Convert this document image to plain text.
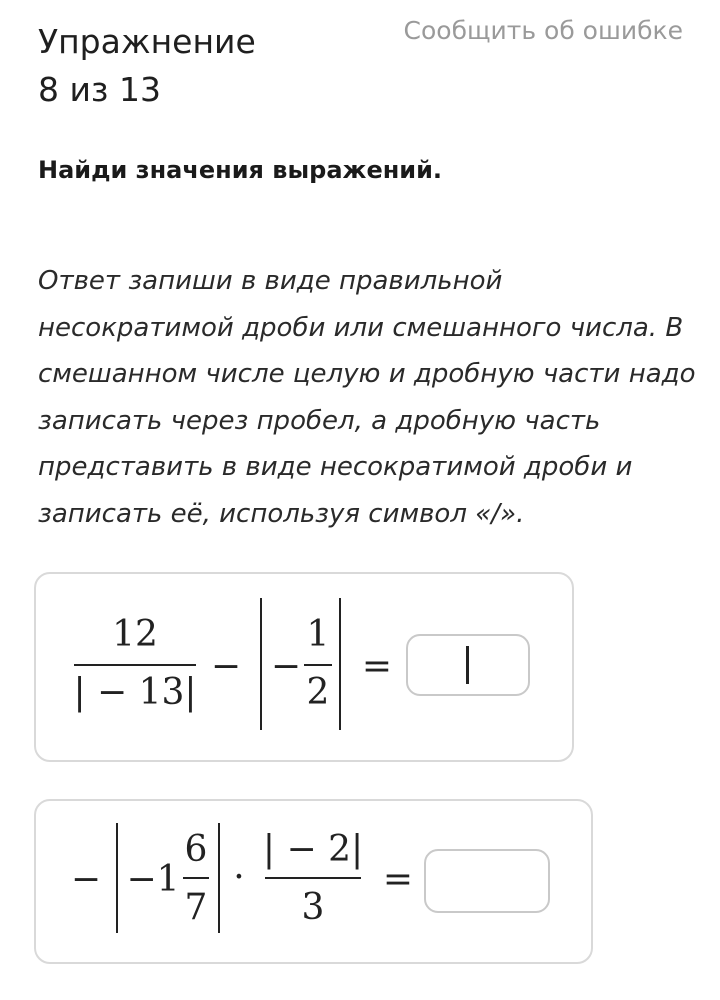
Упражнение
8 из 13
Сообщить об ошибке
Найди значения выражений.
Ответ запиши в виде правильной несократимой дроби или смешанного числа. В смешанном числе целую и дробную части надо записать через пробел, а дробную часть представить в виде несократимой дроби и записать её, используя символ «/».
12
| − 13|
− −
1
2
=
− −1
6
7
·
| − 2|
3
=
